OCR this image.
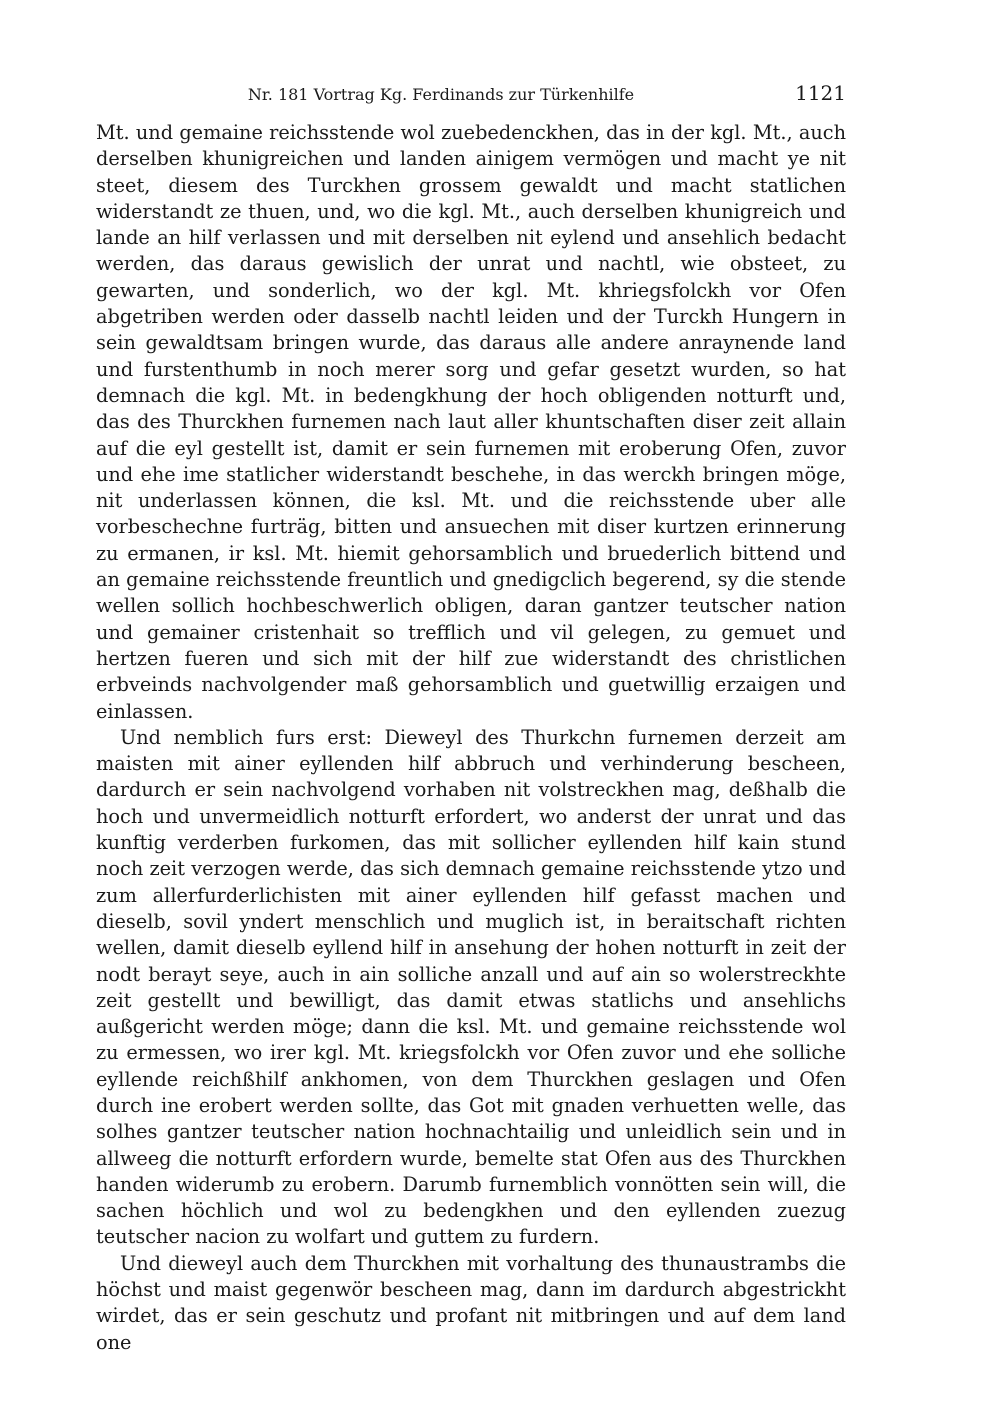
Nr. 181 Vortrag Kg. Ferdinands zur Türkenhilfe	1121

Mt. und gemaine reichsstende wol zuebedenckhen, das in der kgl. Mt., auch derselben khunigreichen und landen ainigem vermögen und macht ye nit steet, diesem des Turckhen grossem gewaldt und macht statlichen widerstandt ze thuen, und, wo die kgl. Mt., auch derselben khunigreich und lande an hilf verlassen und mit derselben nit eylend und ansehlich bedacht werden, das daraus gewislich der unrat und nachtl, wie obsteet, zu gewarten, und sonderlich, wo der kgl. Mt. khriegsfolckh vor Ofen abgetriben werden oder dasselb nachtl leiden und der Turckh Hungern in sein gewaldtsam bringen wurde, das daraus alle andere anraynende land und furstenthumb in noch merer sorg und gefar gesetzt wurden, so hat demnach die kgl. Mt. in bedengkhung der hoch obligenden notturft und, das des Thurckhen furnemen nach laut aller khuntschaften diser zeit allain auf die eyl gestellt ist, damit er sein furnemen mit eroberung Ofen, zuvor und ehe ime statlicher widerstandt beschehe, in das werckh bringen möge, nit underlassen können, die ksl. Mt. und die reichsstende uber alle vorbeschechne furträg, bitten und ansuechen mit diser kurtzen erinnerung zu ermanen, ir ksl. Mt. hiemit gehorsamblich und bruederlich bittend und an gemaine reichsstende freuntlich und gnedigclich begerend, sy die stende wellen sollich hochbeschwerlich obligen, daran gantzer teutscher nation und gemainer cristenhait so trefflich und vil gelegen, zu gemuet und hertzen fueren und sich mit der hilf zue widerstandt des christlichen erbveinds nachvolgender maß gehorsamblich und guetwillig erzaigen und einlassen.

Und nemblich furs erst: Dieweyl des Thurkchn furnemen derzeit am maisten mit ainer eyllenden hilf abbruch und verhinderung bescheen, dardurch er sein nachvolgend vorhaben nit volstreckhen mag, deßhalb die hoch und unvermeidlich notturft erfordert, wo anderst der unrat und das kunftig verderben furkomen, das mit sollicher eyllenden hilf kain stund noch zeit verzogen werde, das sich demnach gemaine reichsstende ytzo und zum allerfurderlichisten mit ainer eyllenden hilf gefasst machen und dieselb, sovil yndert menschlich und muglich ist, in beraitschaft richten wellen, damit dieselb eyllend hilf in ansehung der hohen notturft in zeit der nodt berayt seye, auch in ain solliche anzall und auf ain so wolerstreckhte zeit gestellt und bewilligt, das damit etwas statlichs und ansehlichs außgericht werden möge; dann die ksl. Mt. und gemaine reichsstende wol zu ermessen, wo irer kgl. Mt. kriegsfolckh vor Ofen zuvor und ehe solliche eyllende reichßhilf ankhomen, von dem Thurckhen geslagen und Ofen durch ine erobert werden sollte, das Got mit gnaden verhuetten welle, das solhes gantzer teutscher nation hochnachtailig und unleidlich sein und in allweeg die notturft erfordern wurde, bemelte stat Ofen aus des Thurckhen handen widerumb zu erobern. Darumb furnemblich vonnötten sein will, die sachen höchlich und wol zu bedengkhen und den eyllenden zuezug teutscher nacion zu wolfart und guttem zu furdern.

Und dieweyl auch dem Thurckhen mit vorhaltung des thunaustrambs die höchst und maist gegenwör bescheen mag, dann im dardurch abgestrickht wirdet, das er sein geschutz und profant nit mitbringen und auf dem land one
